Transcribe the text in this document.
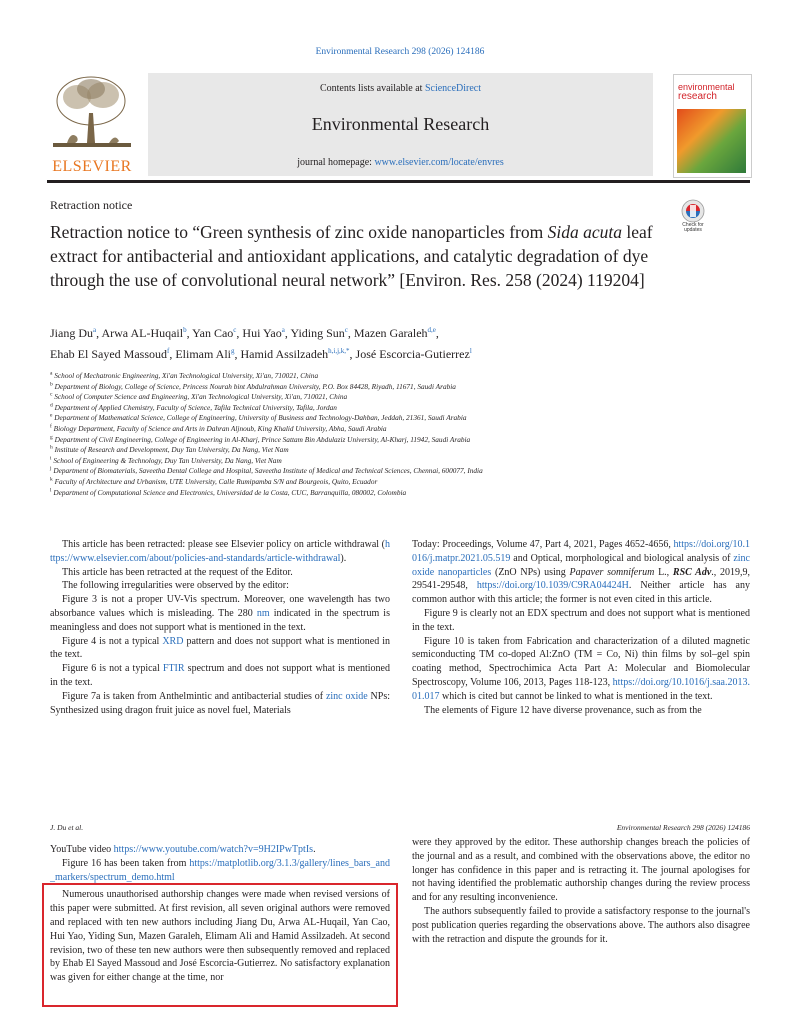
Environmental Research 298 (2026) 124186
ELSEVIER
Contents lists available at ScienceDirect
Environmental Research
journal homepage: www.elsevier.com/locate/envres
environmental
research
Retraction notice
Retraction notice to “Green synthesis of zinc oxide nanoparticles from Sida acuta leaf extract for antibacterial and antioxidant applications, and catalytic degradation of dye through the use of convolutional neural network” [Environ. Res. 258 (2024) 119204]
Check for updates
Jiang Du$^a$, Arwa AL-Huqail$^b$, Yan Cao$^c$, Hui Yao$^a$, Yiding Sun$^c$, Mazen Garaleh$^{d,e}$,
Ehab El Sayed Massoud$^f$, Elimam Ali$^g$, Hamid Assilzadeh$^{h,i,j,k,*}$, José Escorcia-Gutierrez$^l$
$^a$ School of Mechatronic Engineering, Xi'an Technological University, Xi'an, 710021, China
$^b$ Department of Biology, College of Science, Princess Nourah bint Abdulrahman University, P.O. Box 84428, Riyadh, 11671, Saudi Arabia
$^c$ School of Computer Science and Engineering, Xi'an Technological University, Xi'an, 710021, China
$^d$ Department of Applied Chemistry, Faculty of Science, Tafila Technical University, Tafila, Jordan
$^e$ Department of Mathematical Science, College of Engineering, University of Business and Technology-Dahban, Jeddah, 21361, Saudi Arabia
$^f$ Biology Department, Faculty of Science and Arts in Dahran Aljnoub, King Khalid University, Abha, Saudi Arabia
$^g$ Department of Civil Engineering, College of Engineering in Al-Kharj, Prince Sattam Bin Abdulaziz University, Al-Kharj, 11942, Saudi Arabia
$^h$ Institute of Research and Development, Duy Tan University, Da Nang, Viet Nam
$^i$ School of Engineering & Technology, Duy Tan University, Da Nang, Viet Nam
$^j$ Department of Biomaterials, Saveetha Dental College and Hospital, Saveetha Institute of Medical and Technical Sciences, Chennai, 600077, India
$^k$ Faculty of Architecture and Urbanism, UTE University, Calle Rumipamba S/N and Bourgeois, Quito, Ecuador
$^l$ Department of Computational Science and Electronics, Universidad de la Costa, CUC, Barranquilla, 080002, Colombia

This article has been retracted: please see Elsevier policy on article withdrawal (https://www.elsevier.com/about/policies-and-standards/article-withdrawal).

This article has been retracted at the request of the Editor.

The following irregularities were observed by the editor:

Figure 3 is not a proper UV-Vis spectrum. Moreover, one wavelength has two absorbance values which is misleading. The 280 nm indicated in the spectrum is meaningless and does not support what is mentioned in the text.

Figure 4 is not a typical XRD pattern and does not support what is mentioned in the text.

Figure 6 is not a typical FTIR spectrum and does not support what is mentioned in the text.

Figure 7a is taken from Anthelmintic and antibacterial studies of zinc oxide NPs: Synthesized using dragon fruit juice as novel fuel, Materials

Today: Proceedings, Volume 47, Part 4, 2021, Pages 4652-4656, https://doi.org/10.1016/j.matpr.2021.05.519 and Optical, morphological and biological analysis of zinc oxide nanoparticles (ZnO NPs) using Papaver somniferum L., RSC Adv., 2019,9, 29541-29548, https://doi.org/10.1039/C9RA04424H. Neither article has any common author with this article; the former is not even cited in this article.

Figure 9 is clearly not an EDX spectrum and does not support what is mentioned in the text.

Figure 10 is taken from Fabrication and characterization of a diluted magnetic semiconducting TM co-doped Al:ZnO (TM = Co, Ni) thin films by sol–gel spin coating method, Spectrochimica Acta Part A: Molecular and Biomolecular Spectroscopy, Volume 106, 2013, Pages 118-123, https://doi.org/10.1016/j.saa.2013.01.017 which is cited but cannot be linked to what is mentioned in the text.

The elements of Figure 12 have diverse provenance, such as from the

J. Du et al.	Environmental Research 298 (2026) 124186

YouTube video https://www.youtube.com/watch?v=9H2IPwTptIs.

Figure 16 has been taken from https://matplotlib.org/3.1.3/gallery/lines_bars_and_markers/spectrum_demo.html

Numerous unauthorised authorship changes were made when revised versions of this paper were submitted. At first revision, all seven original authors were removed and replaced with ten new authors including Jiang Du, Arwa AL-Huqail, Yan Cao, Hui Yao, Yiding Sun, Mazen Garaleh, Elimam Ali and Hamid Assilzadeh. At second revision, two of these ten new authors were then subsequently removed and replaced by Ehab El Sayed Massoud and José Escorcia-Gutierrez. No satisfactory explanation was given for either change at the time, nor

were they approved by the editor. These authorship changes breach the policies of the journal and as a result, and combined with the observations above, the editor no longer has confidence in this paper and is retracting it. The journal apologises for not having identified the problematic authorship changes during the review process and for any resulting inconvenience.

The authors subsequently failed to provide a satisfactory response to the journal's post publication queries regarding the observations above. The authors also disagree with the retraction and dispute the grounds for it.
